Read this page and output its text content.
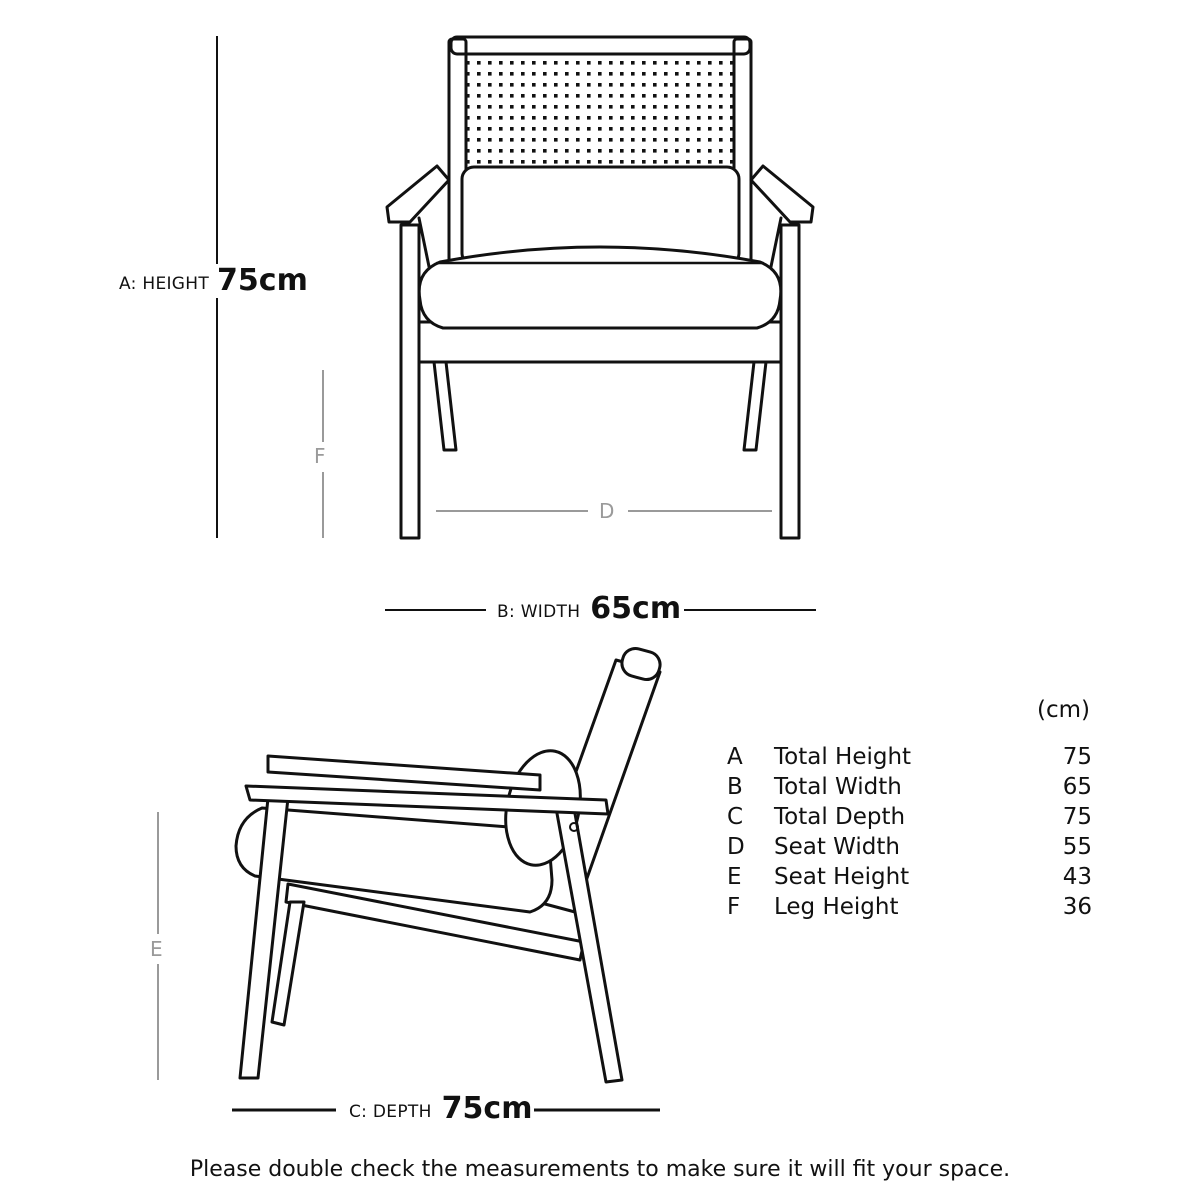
A: HEIGHT 75cm
F
D
B: WIDTH 65cm
E
C: DEPTH 75cm
(cm)
A Total Height	75
B Total Width	65
C Total Depth	75
D Seat Width	55
E Seat Height	43
F Leg Height	36
Please double check the measurements to make sure it will fit your space.
